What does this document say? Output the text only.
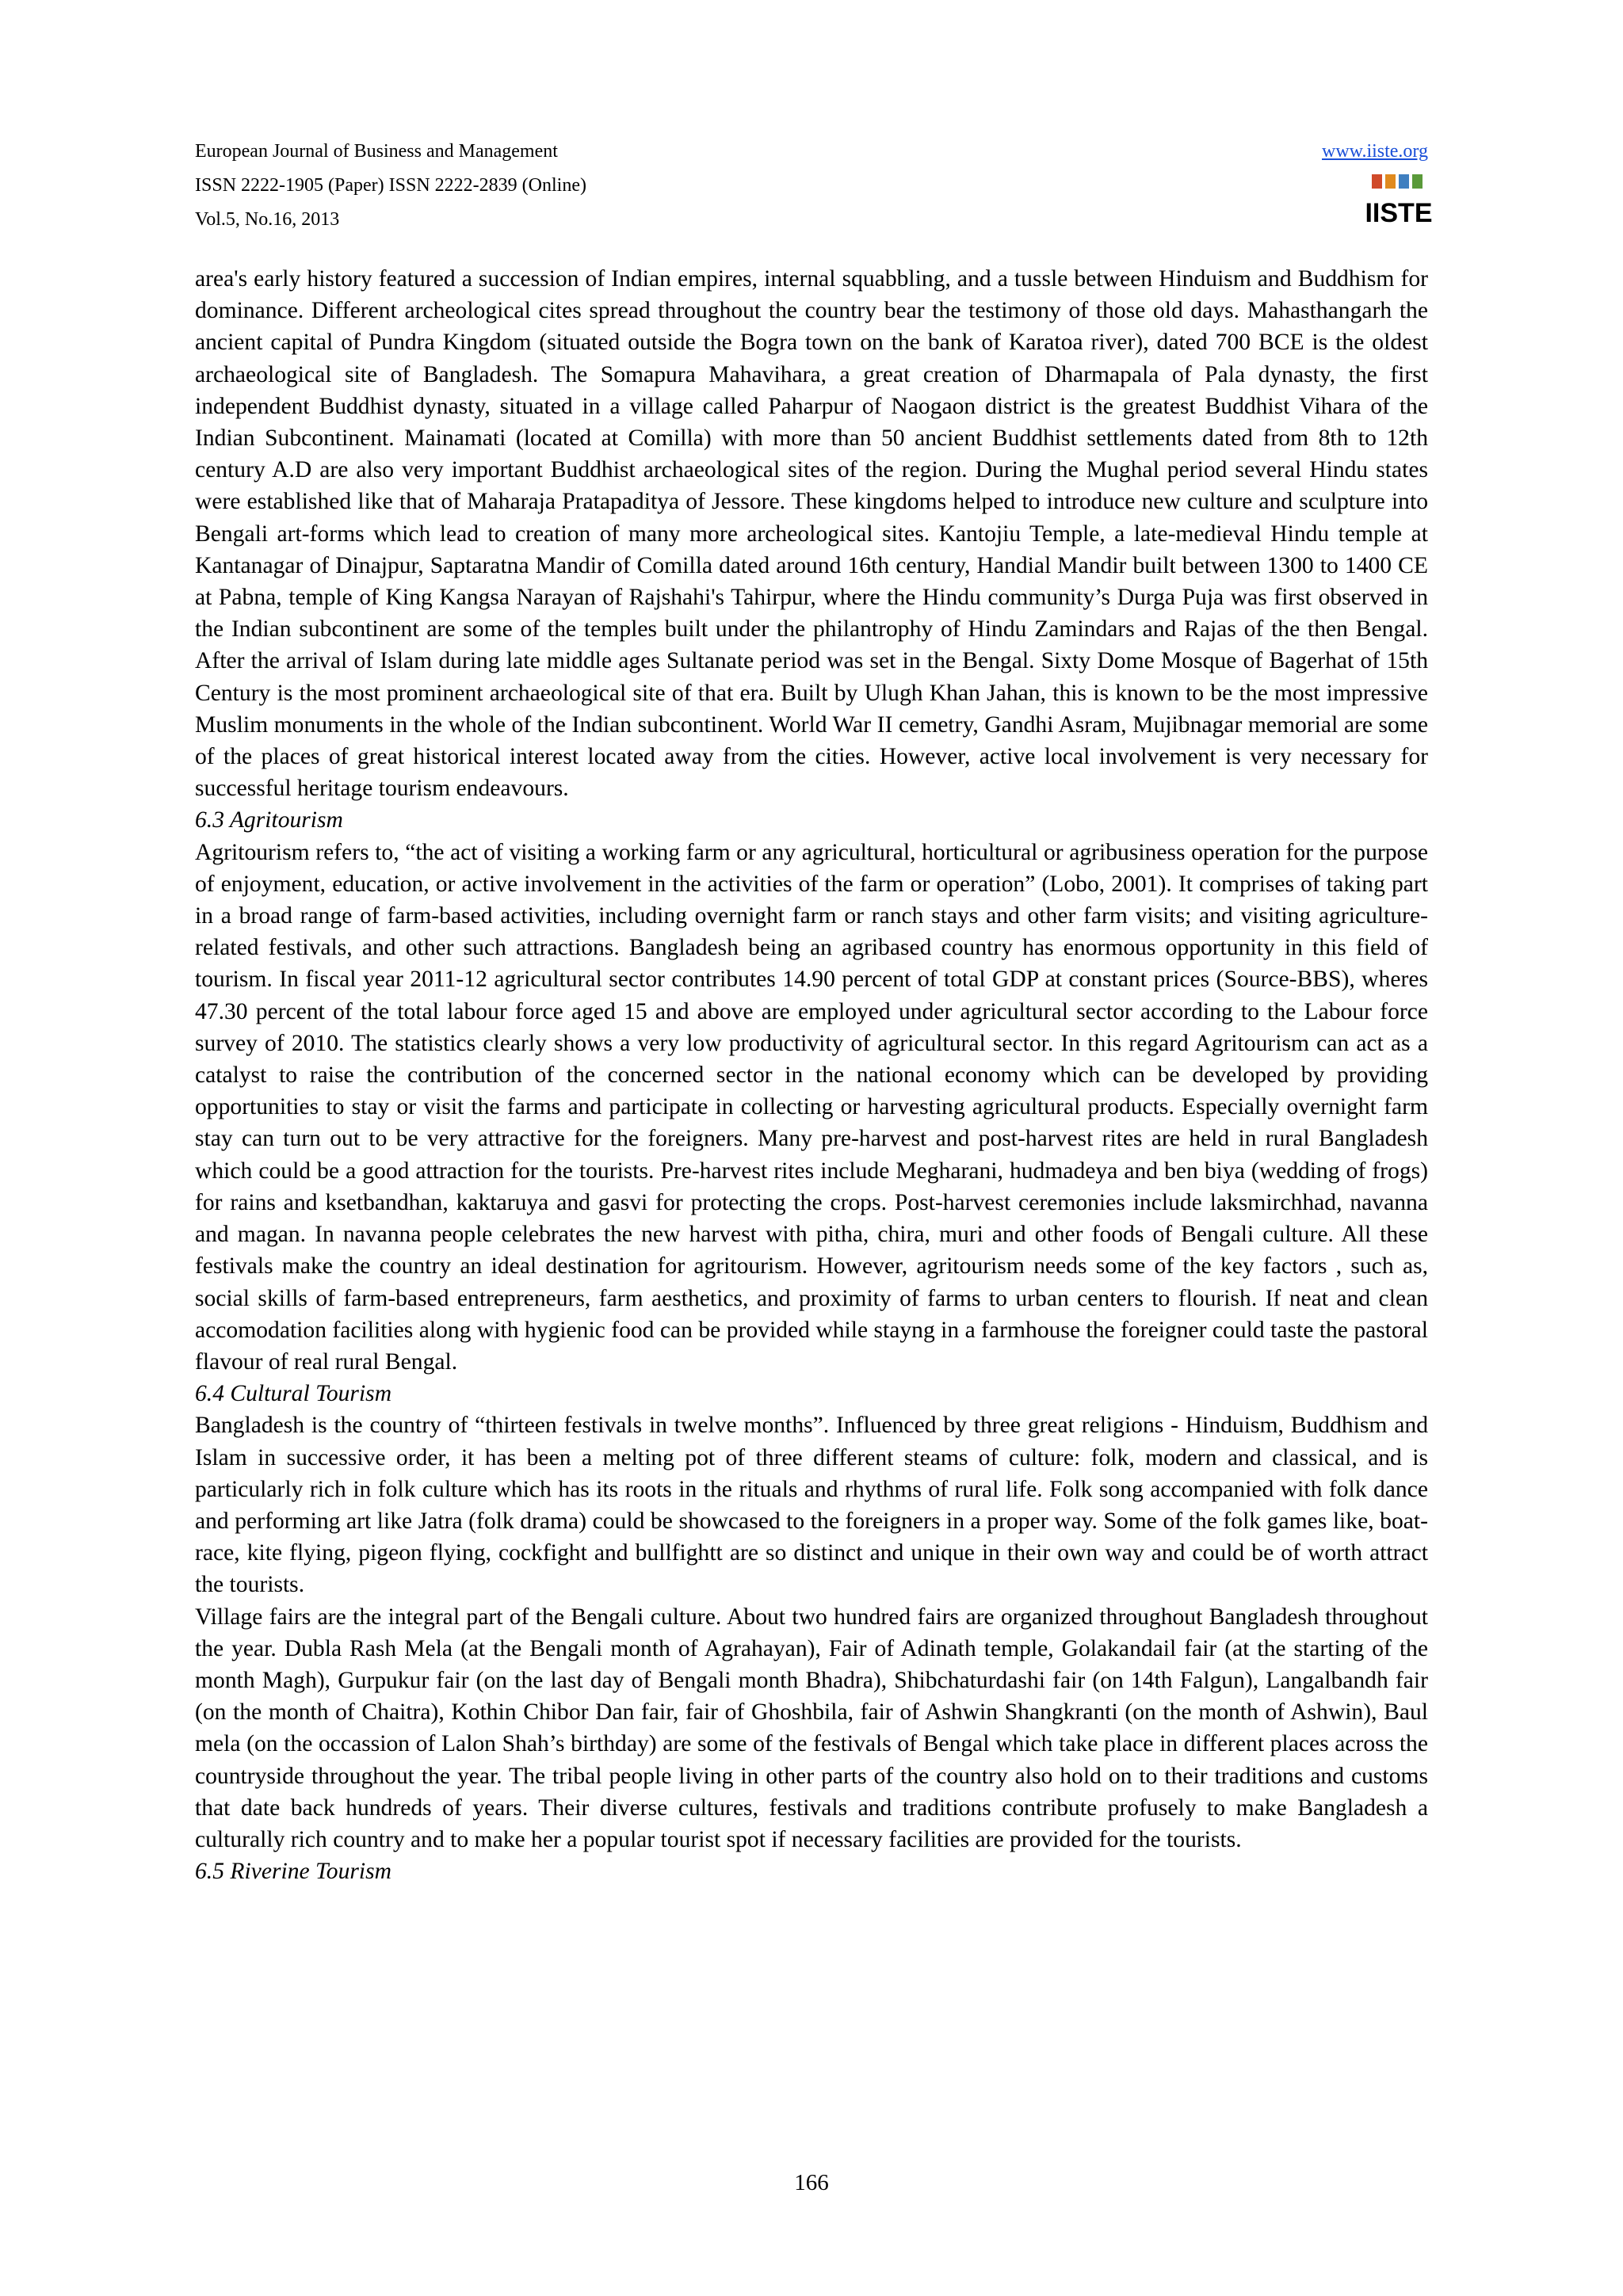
European Journal of Business and Management
ISSN 2222-1905 (Paper) ISSN 2222-2839 (Online)
Vol.5, No.16, 2013
www.iiste.org
IISTE

area's early history featured a succession of Indian empires, internal squabbling, and a tussle between Hinduism and Buddhism for dominance. Different archeological cites spread throughout the country bear the testimony of those old days. Mahasthangarh the ancient capital of Pundra Kingdom (situated outside the Bogra town on the bank of Karatoa river), dated 700 BCE is the oldest archaeological site of Bangladesh. The Somapura Mahavihara, a great creation of Dharmapala of Pala dynasty, the first independent Buddhist dynasty, situated in a village called Paharpur of Naogaon district is the greatest Buddhist Vihara of the Indian Subcontinent. Mainamati (located at Comilla) with more than 50 ancient Buddhist settlements dated from 8th to 12th century A.D are also very important Buddhist archaeological sites of the region. During the Mughal period several Hindu states were established like that of Maharaja Pratapaditya of Jessore. These kingdoms helped to introduce new culture and sculpture into Bengali art-forms which lead to creation of many more archeological sites. Kantojiu Temple, a late-medieval Hindu temple at Kantanagar of Dinajpur, Saptaratna Mandir of Comilla dated around 16th century, Handial Mandir built between 1300 to 1400 CE at Pabna, temple of King Kangsa Narayan of Rajshahi's Tahirpur, where the Hindu community’s Durga Puja was first observed in the Indian subcontinent are some of the temples built under the philantrophy of Hindu Zamindars and Rajas of the then Bengal. After the arrival of Islam during late middle ages Sultanate period was set in the Bengal. Sixty Dome Mosque of Bagerhat of 15th Century is the most prominent archaeological site of that era. Built by Ulugh Khan Jahan, this is known to be the most impressive Muslim monuments in the whole of the Indian subcontinent. World War II cemetry, Gandhi Asram, Mujibnagar memorial are some of the places of great historical interest located away from the cities. However, active local involvement is very necessary for successful heritage tourism endeavours.

6.3 Agritourism

Agritourism refers to, “the act of visiting a working farm or any agricultural, horticultural or agribusiness operation for the purpose of enjoyment, education, or active involvement in the activities of the farm or operation” (Lobo, 2001). It comprises of taking part in a broad range of farm-based activities, including overnight farm or ranch stays and other farm visits; and visiting agriculture-related festivals, and other such attractions. Bangladesh being an agribased country has enormous opportunity in this field of tourism. In fiscal year 2011-12 agricultural sector contributes 14.90 percent of total GDP at constant prices (Source-BBS), wheres 47.30 percent of the total labour force aged 15 and above are employed under agricultural sector according to the Labour force survey of 2010. The statistics clearly shows a very low productivity of agricultural sector. In this regard Agritourism can act as a catalyst to raise the contribution of the concerned sector in the national economy which can be developed by providing opportunities to stay or visit the farms and participate in collecting or harvesting agricultural products. Especially overnight farm stay can turn out to be very attractive for the foreigners. Many pre-harvest and post-harvest rites are held in rural Bangladesh which could be a good attraction for the tourists. Pre-harvest rites include Megharani, hudmadeya and ben biya (wedding of frogs) for rains and ksetbandhan, kaktaruya and gasvi for protecting the crops. Post-harvest ceremonies include laksmirchhad, navanna and magan. In navanna people celebrates the new harvest with pitha, chira, muri and other foods of Bengali culture. All these festivals make the country an ideal destination for agritourism. However, agritourism needs some of the key factors , such as, social skills of farm-based entrepreneurs, farm aesthetics, and proximity of farms to urban centers to flourish. If neat and clean accomodation facilities along with hygienic food can be provided while stayng in a farmhouse the foreigner could taste the pastoral flavour of real rural Bengal.

6.4 Cultural Tourism

Bangladesh is the country of “thirteen festivals in twelve months”. Influenced by three great religions - Hinduism, Buddhism and Islam in successive order, it has been a melting pot of three different steams of culture: folk, modern and classical, and is particularly rich in folk culture which has its roots in the rituals and rhythms of rural life. Folk song accompanied with folk dance and performing art like Jatra (folk drama) could be showcased to the foreigners in a proper way. Some of the folk games like, boat-race, kite flying, pigeon flying, cockfight and bullfightt are so distinct and unique in their own way and could be of worth attract the tourists.

Village fairs are the integral part of the Bengali culture. About two hundred fairs are organized throughout Bangladesh throughout the year. Dubla Rash Mela (at the Bengali month of Agrahayan), Fair of Adinath temple, Golakandail fair (at the starting of the month Magh), Gurpukur fair (on the last day of Bengali month Bhadra), Shibchaturdashi fair (on 14th Falgun), Langalbandh fair (on the month of Chaitra), Kothin Chibor Dan fair, fair of Ghoshbila, fair of Ashwin Shangkranti (on the month of Ashwin), Baul mela (on the occassion of Lalon Shah’s birthday) are some of the festivals of Bengal which take place in different places across the countryside throughout the year. The tribal people living in other parts of the country also hold on to their traditions and customs that date back hundreds of years. Their diverse cultures, festivals and traditions contribute profusely to make Bangladesh a culturally rich country and to make her a popular tourist spot if necessary facilities are provided for the tourists.

6.5 Riverine Tourism
166
